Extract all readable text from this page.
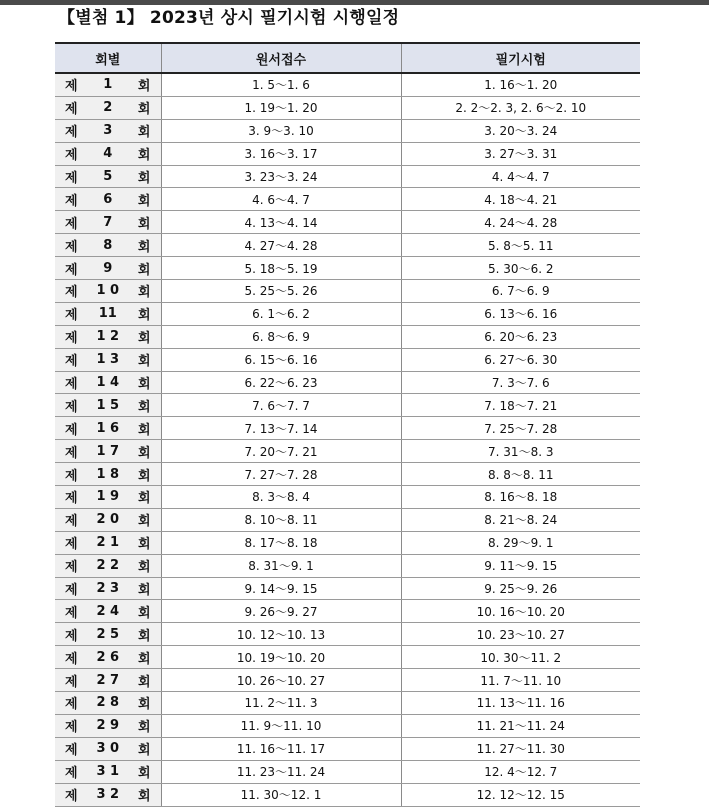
【별첨 1】 2023년 상시 필기시험 시행일정
회별	원서접수	필기시험

제 1 회	1. 5～1. 6	1. 16～1. 20

제 2 회	1. 19～1. 20	2. 2～2. 3, 2. 6～2. 10

제 3 회	3. 9～3. 10	3. 20～3. 24

제 4 회	3. 16～3. 17	3. 27～3. 31

제 5 회	3. 23～3. 24	4. 4～4. 7

제 6 회	4. 6～4. 7	4. 18～4. 21

제 7 회	4. 13～4. 14	4. 24～4. 28

제 8 회	4. 27～4. 28	5. 8～5. 11

제 9 회	5. 18～5. 19	5. 30～6. 2

제 1 0 회	5. 25～5. 26	6. 7～6. 9

제 11 회	6. 1～6. 2	6. 13～6. 16

제 1 2 회	6. 8～6. 9	6. 20～6. 23

제 1 3 회	6. 15～6. 16	6. 27～6. 30

제 1 4 회	6. 22～6. 23	7. 3～7. 6

제 1 5 회	7. 6～7. 7	7. 18～7. 21

제 1 6 회	7. 13～7. 14	7. 25～7. 28

제 1 7 회	7. 20～7. 21	7. 31～8. 3

제 1 8 회	7. 27～7. 28	8. 8～8. 11

제 1 9 회	8. 3～8. 4	8. 16～8. 18

제 2 0 회	8. 10～8. 11	8. 21～8. 24

제 2 1 회	8. 17～8. 18	8. 29～9. 1

제 2 2 회	8. 31～9. 1	9. 11～9. 15

제 2 3 회	9. 14～9. 15	9. 25～9. 26

제 2 4 회	9. 26～9. 27	10. 16～10. 20

제 2 5 회	10. 12～10. 13	10. 23～10. 27

제 2 6 회	10. 19～10. 20	10. 30～11. 2

제 2 7 회	10. 26～10. 27	11. 7～11. 10

제 2 8 회	11. 2～11. 3	11. 13～11. 16

제 2 9 회	11. 9～11. 10	11. 21～11. 24

제 3 0 회	11. 16～11. 17	11. 27～11. 30

제 3 1 회	11. 23～11. 24	12. 4～12. 7

제 3 2 회	11. 30～12. 1	12. 12～12. 15
